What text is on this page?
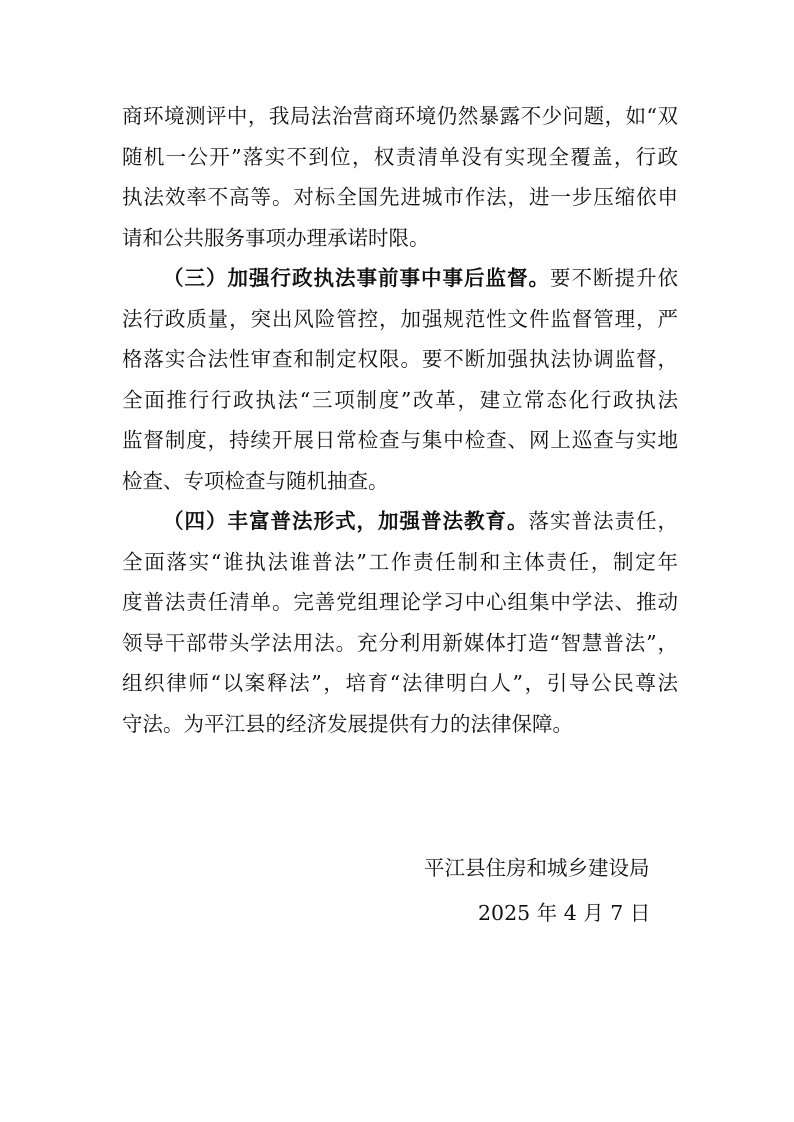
商环境测评中，我局法治营商环境仍然暴露不少问题，如“双
随机一公开”落实不到位，权责清单没有实现全覆盖，行政
执法效率不高等。对标全国先进城市作法，进一步压缩依申
请和公共服务事项办理承诺时限。
（三）加强行政执法事前事中事后监督。要不断提升依
法行政质量，突出风险管控，加强规范性文件监督管理，严
格落实合法性审查和制定权限。要不断加强执法协调监督，
全面推行行政执法“三项制度”改革，建立常态化行政执法
监督制度，持续开展日常检查与集中检查、网上巡查与实地
检查、专项检查与随机抽查。
（四）丰富普法形式，加强普法教育。落实普法责任，
全面落实“谁执法谁普法”工作责任制和主体责任，制定年
度普法责任清单。完善党组理论学习中心组集中学法、推动
领导干部带头学法用法。充分利用新媒体打造“智慧普法”，
组织律师“以案释法”，培育“法律明白人”，引导公民尊法
守法。为平江县的经济发展提供有力的法律保障。
平江县住房和城乡建设局
2025 年 4 月 7 日
